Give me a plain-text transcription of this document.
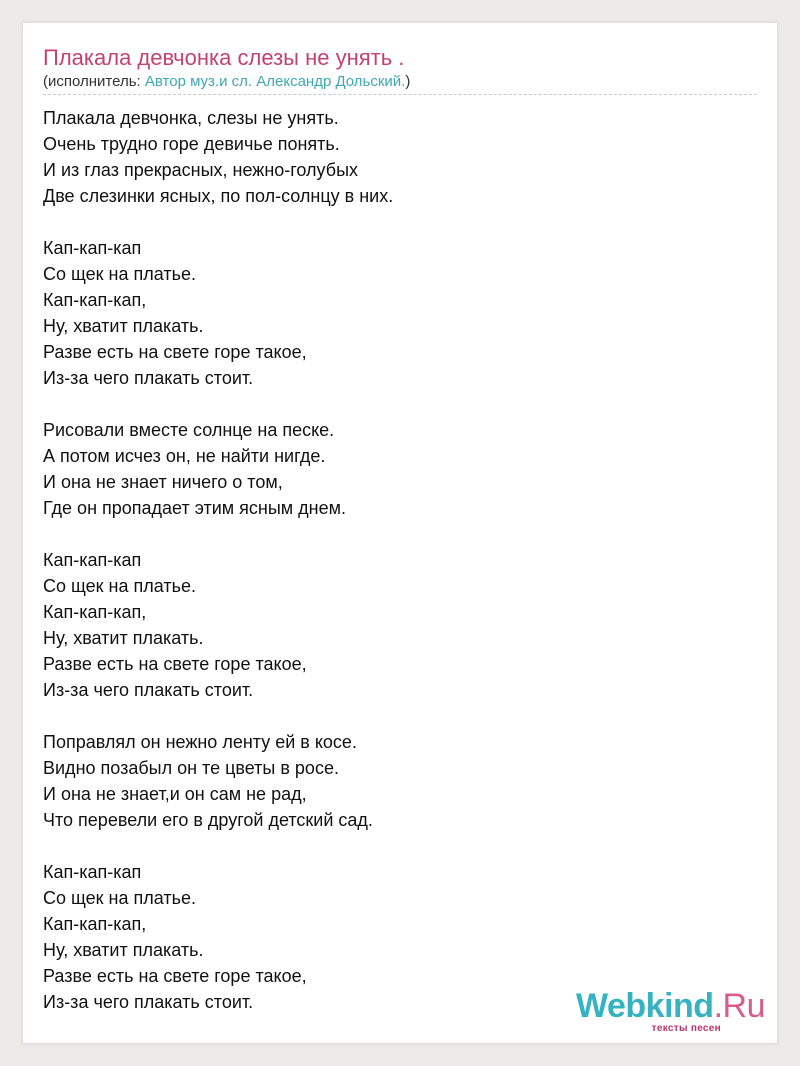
Плакала девчонка слезы не унять .
(исполнитель: Автор муз.и сл. Александр Дольский.)
Плакала девчонка, слезы не унять.
Очень трудно горе девичье понять.
И из глаз прекрасных, нежно-голубых
Две слезинки ясных, по пол-солнцу в них.
Кап-кап-кап
Со щек на платье.
Кап-кап-кап,
Ну, хватит плакать.
Разве есть на свете горе такое,
Из-за чего плакать стоит.
Рисовали вместе солнце на песке.
А потом исчез он, не найти нигде.
И она не знает ничего о том,
Где он пропадает этим ясным днем.
Кап-кап-кап
Со щек на платье.
Кап-кап-кап,
Ну, хватит плакать.
Разве есть на свете горе такое,
Из-за чего плакать стоит.
Поправлял он нежно ленту ей в косе.
Видно позабыл он те цветы в росе.
И она не знает,и он сам не рад,
Что перевели его в другой детский сад.
Кап-кап-кап
Со щек на платье.
Кап-кап-кап,
Ну, хватит плакать.
Разве есть на свете горе такое,
Из-за чего плакать стоит.	Webkind.Ru
тексты песен
